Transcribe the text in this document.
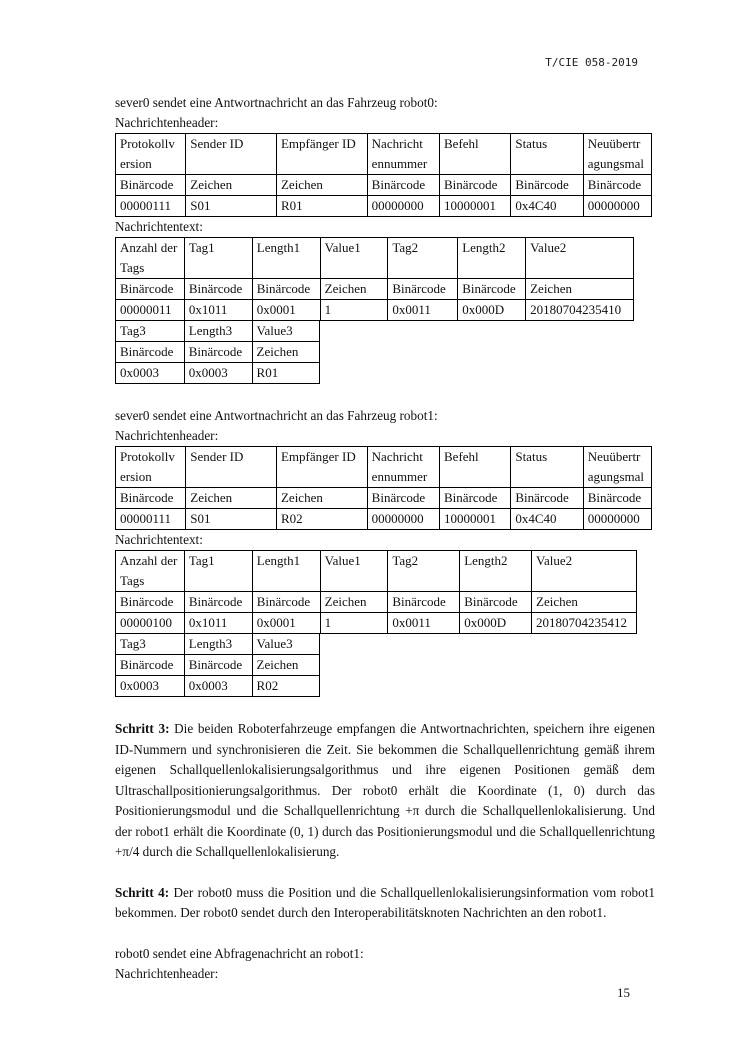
T/CIE 058-2019
sever0 sendet eine Antwortnachricht an das Fahrzeug robot0:
Nachrichtenheader:
Protokollv ersion	Sender ID	Empfänger ID	Nachricht ennummer	Befehl	Status	Neuübertr agungsmal
Binärcode	Zeichen	Zeichen	Binärcode	Binärcode	Binärcode	Binärcode
00000111	S01	R01	00000000	10000001	0x4C40	00000000
Nachrichtentext:
Anzahl der Tags	Tag1	Length1	Value1	Tag2	Length2	Value2
Binärcode	Binärcode	Binärcode	Zeichen	Binärcode	Binärcode	Zeichen
00000011	0x1011	0x0001	1	0x0011	0x000D	20180704235410
Tag3	Length3	Value3
Binärcode	Binärcode	Zeichen
0x0003	0x0003	R01
sever0 sendet eine Antwortnachricht an das Fahrzeug robot1:
Nachrichtenheader:
Protokollv ersion	Sender ID	Empfänger ID	Nachricht ennummer	Befehl	Status	Neuübertr agungsmal
Binärcode	Zeichen	Zeichen	Binärcode	Binärcode	Binärcode	Binärcode
00000111	S01	R02	00000000	10000001	0x4C40	00000000
Nachrichtentext:
Anzahl der Tags	Tag1	Length1	Value1	Tag2	Length2	Value2
Binärcode	Binärcode	Binärcode	Zeichen	Binärcode	Binärcode	Zeichen
00000100	0x1011	0x0001	1	0x0011	0x000D	20180704235412
Tag3	Length3	Value3
Binärcode	Binärcode	Zeichen
0x0003	0x0003	R02

Schritt 3: Die beiden Roboterfahrzeuge empfangen die Antwortnachrichten, speichern ihre eigenen ID-Nummern und synchronisieren die Zeit. Sie bekommen die Schallquellenrichtung gemäß ihrem eigenen Schallquellenlokalisierungsalgorithmus und ihre eigenen Positionen gemäß dem Ultraschallpositionierungsalgorithmus. Der robot0 erhält die Koordinate (1, 0) durch das Positionierungsmodul und die Schallquellenrichtung +π durch die Schallquellenlokalisierung. Und der robot1 erhält die Koordinate (0, 1) durch das Positionierungsmodul und die Schallquellenrichtung +π/4 durch die Schallquellenlokalisierung.

Schritt 4: Der robot0 muss die Position und die Schallquellenlokalisierungsinformation vom robot1 bekommen. Der robot0 sendet durch den Interoperabilitätsknoten Nachrichten an den robot1.

robot0 sendet eine Abfragenachricht an robot1:
Nachrichtenheader:
15
